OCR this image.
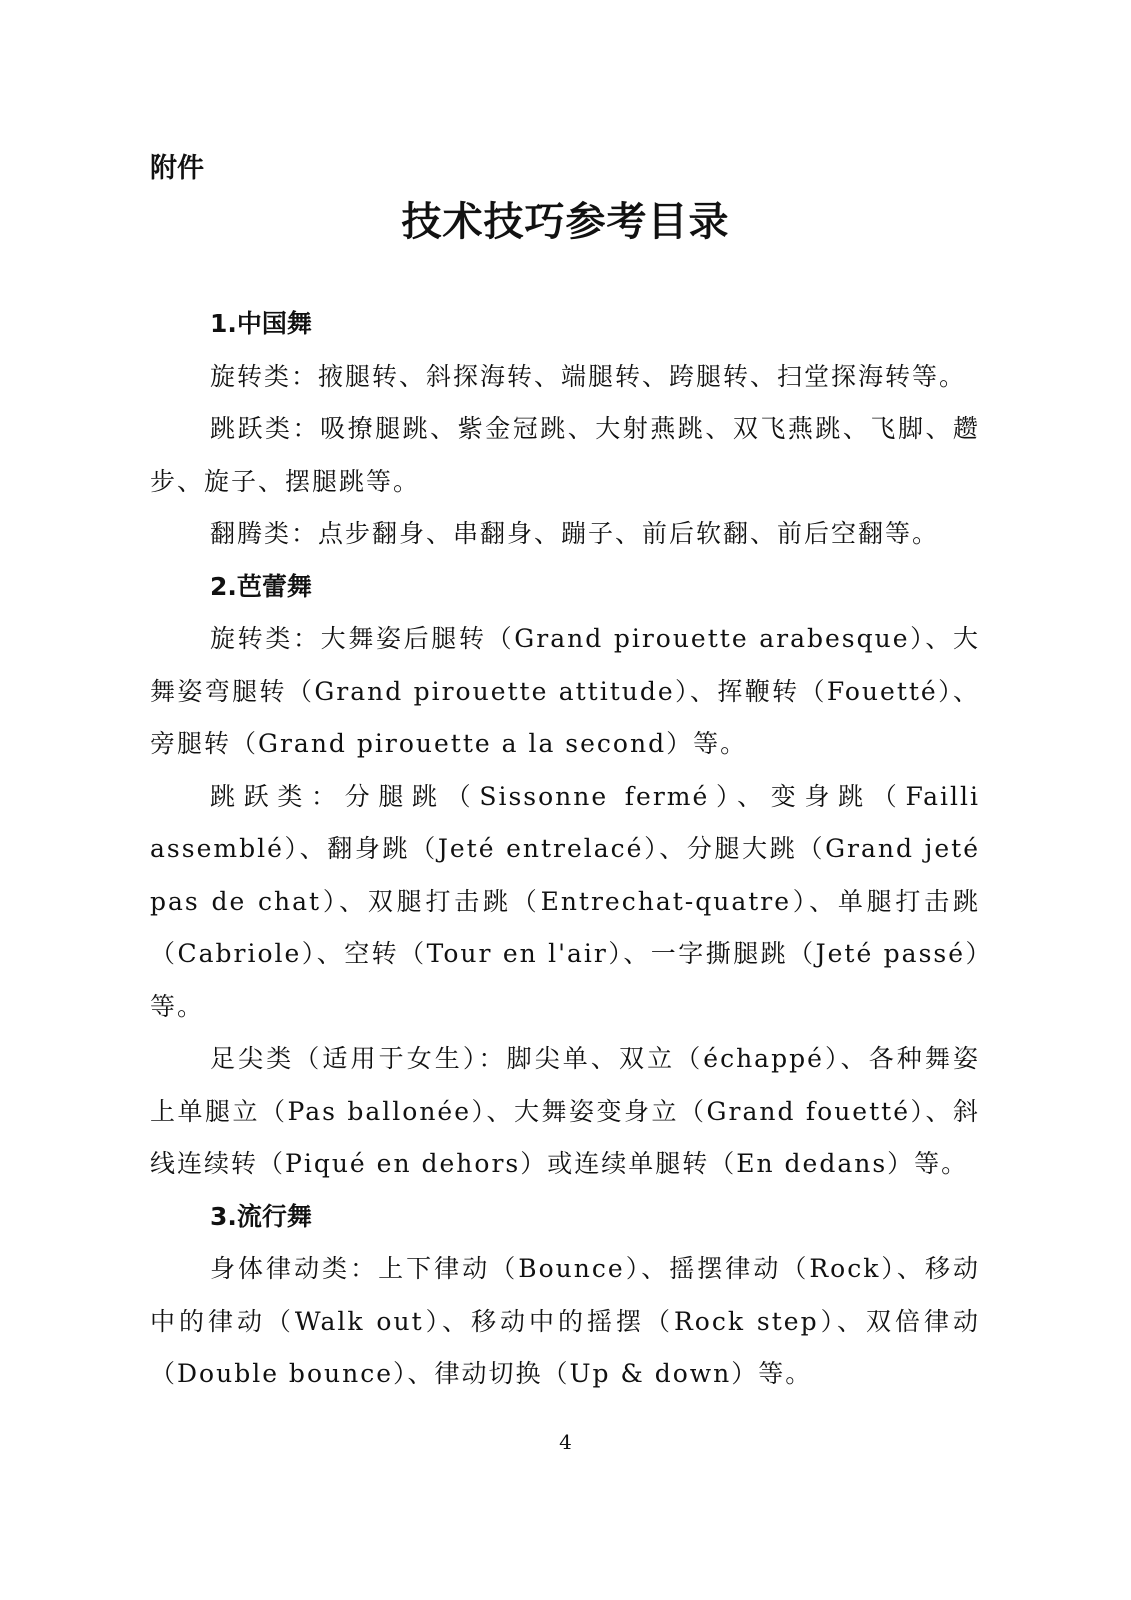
附件
技术技巧参考目录

1.中国舞

旋转类：掖腿转、斜探海转、端腿转、跨腿转、扫堂探海转等。

跳跃类：吸撩腿跳、紫金冠跳、大射燕跳、双飞燕跳、飞脚、趱步、旋子、摆腿跳等。

翻腾类：点步翻身、串翻身、蹦子、前后软翻、前后空翻等。

2.芭蕾舞

旋转类：大舞姿后腿转（Grand pirouette arabesque）、大舞姿弯腿转（Grand pirouette attitude）、挥鞭转（Fouetté）、旁腿转（Grand pirouette a la second）等。

跳跃类：分腿跳（Sissonne fermé）、变身跳（Failli assemblé）、翻身跳（Jeté entrelacé）、分腿大跳（Grand jeté pas de chat）、双腿打击跳（Entrechat-quatre）、单腿打击跳（Cabriole）、空转（Tour en l'air）、一字撕腿跳（Jeté passé）等。

足尖类（适用于女生）：脚尖单、双立（échappé）、各种舞姿上单腿立（Pas ballonée）、大舞姿变身立（Grand fouetté）、斜线连续转（Piqué en dehors）或连续单腿转（En dedans）等。

3.流行舞

身体律动类：上下律动（Bounce）、摇摆律动（Rock）、移动中的律动（Walk out）、移动中的摇摆（Rock step）、双倍律动（Double bounce）、律动切换（Up & down）等。

4
